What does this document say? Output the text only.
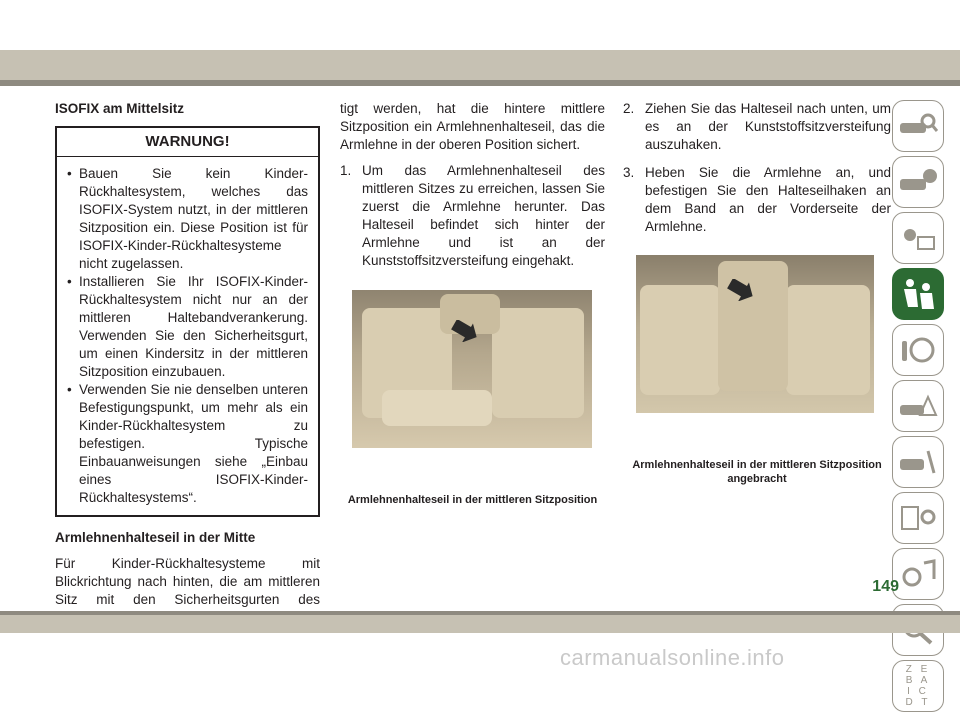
ISOFIX am Mittelsitz
WARNUNG!
• Bauen Sie kein Kinder-Rückhaltesystem, welches das ISOFIX-System nutzt, in der mittleren Sitzposition ein. Diese Position ist für ISOFIX-Kinder-Rückhaltesysteme nicht zugelassen.
• Installieren Sie Ihr ISOFIX-Kinder-Rückhaltesystem nicht nur an der mittleren Haltebandverankerung. Verwenden Sie den Sicherheitsgurt, um einen Kindersitz in der mittleren Sitzposition einzubauen.
• Verwenden Sie nie denselben unteren Befestigungspunkt, um mehr als ein Kinder-Rückhaltesystem zu befestigen. Typische Einbauanweisungen siehe „Einbau eines ISOFIX-Kinder-Rückhaltesystems“.
Armlehnenhalteseil in der Mitte

Für Kinder-Rückhaltesysteme mit Blickrichtung nach hinten, die am mittleren Sitz mit den Sicherheitsgurten des

tigt werden, hat die hintere mittlere Sitzposition ein Armlehnenhalteseil, das die Armlehne in der oberen Position sichert.

1. Um das Armlehnenhalteseil des mittleren Sitzes zu erreichen, lassen Sie zuerst die Armlehne herunter. Das Halteseil befindet sich hinter der Armlehne und ist an der Kunststoffsitzversteifung eingehakt.
Armlehnenhalteseil in der mittleren Sitzposition
2. Ziehen Sie das Halteseil nach unten, um es an der Kunststoffsitzversteifung auszuhaken.
3. Heben Sie die Armlehne an, und befestigen Sie den Halteseilhaken an dem Band an der Vorderseite der Armlehne.
Armlehnenhalteseil in der mittleren Sitzposition angebracht
Z E B A I C D T
149
carmanualsonline.info
